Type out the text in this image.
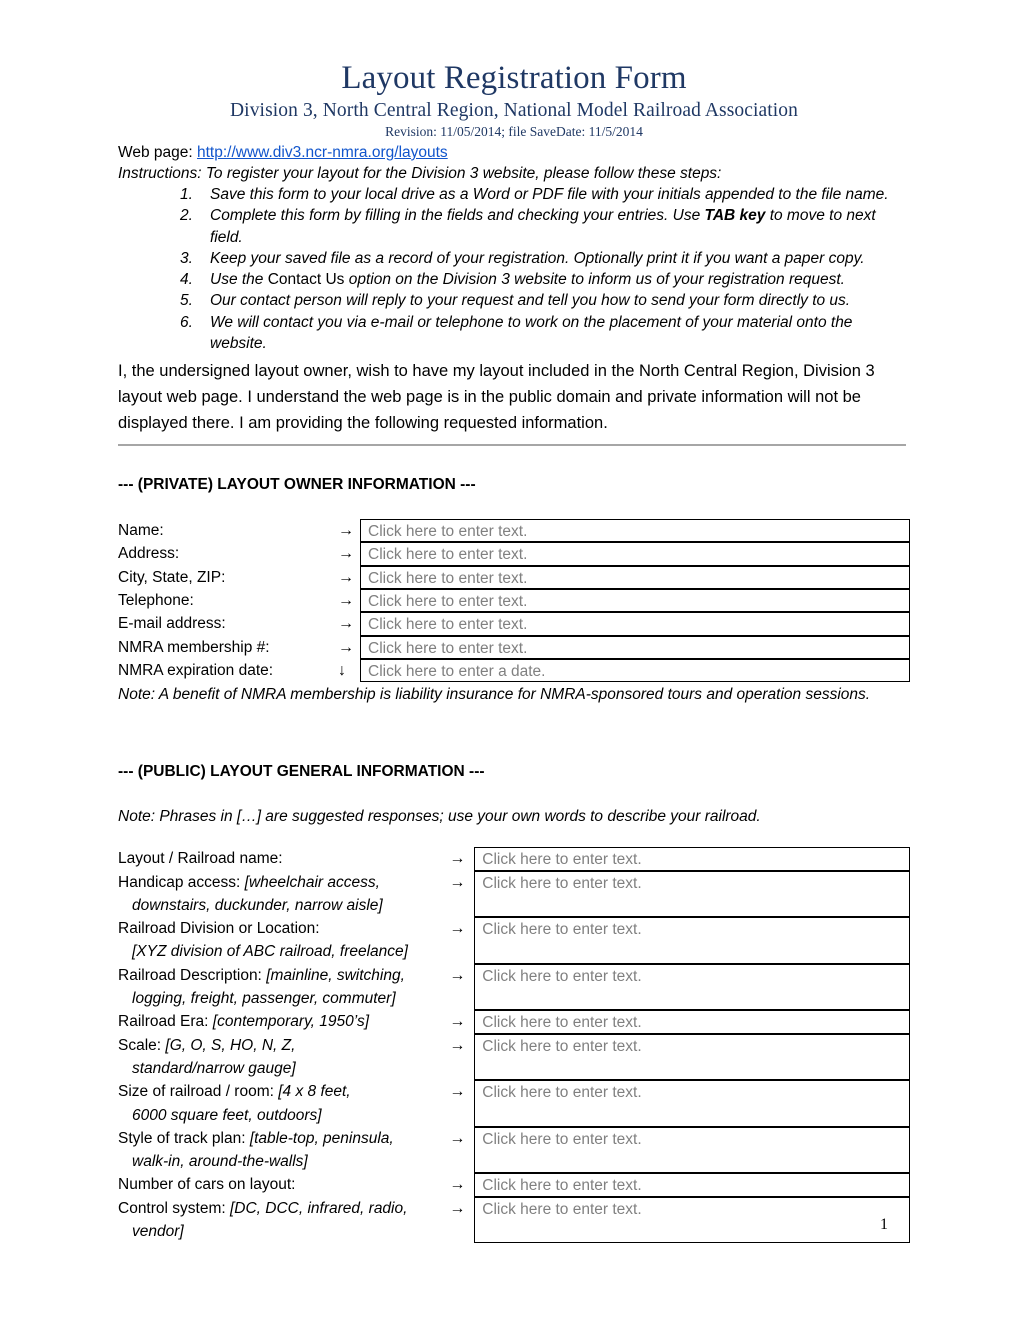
Layout Registration Form
Division 3, North Central Region, National Model Railroad Association
Revision: 11/05/2014; file SaveDate: 11/5/2014
Web page: http://www.div3.ncr-nmra.org/layouts
Instructions: To register your layout for the Division 3 website, please follow these steps:
Save this form to your local drive as a Word or PDF file with your initials appended to the file name.
Complete this form by filling in the fields and checking your entries. Use TAB key to move to next field.
Keep your saved file as a record of your registration. Optionally print it if you want a paper copy.
Use the Contact Us option on the Division 3 website to inform us of your registration request.
Our contact person will reply to your request and tell you how to send your form directly to us.
We will contact you via e-mail or telephone to work on the placement of your material onto the website.
I, the undersigned layout owner, wish to have my layout included in the North Central Region, Division 3 layout web page. I understand the web page is in the public domain and private information will not be displayed there. I am providing the following requested information.
--- (PRIVATE) LAYOUT OWNER INFORMATION ---
Name:	→	Click here to enter text.

Address:	→	Click here to enter text.

City, State, ZIP:	→	Click here to enter text.

Telephone:	→	Click here to enter text.

E-mail address:	→	Click here to enter text.

NMRA membership #:	→	Click here to enter text.

NMRA expiration date:	↓	Click here to enter a date.
Note: A benefit of NMRA membership is liability insurance for NMRA-sponsored tours and operation sessions.
--- (PUBLIC) LAYOUT GENERAL INFORMATION ---
Note: Phrases in […] are suggested responses; use your own words to describe your railroad.
Layout / Railroad name:	→	Click here to enter text.

Handicap access: [wheelchair access,
downstairs, duckunder, narrow aisle]	→	Click here to enter text.

Railroad Division or Location:
[XYZ division of ABC railroad, freelance]	→	Click here to enter text.

Railroad Description: [mainline, switching,
logging, freight, passenger, commuter]	→	Click here to enter text.

Railroad Era: [contemporary, 1950’s]	→	Click here to enter text.

Scale: [G, O, S, HO, N, Z,
standard/narrow gauge]	→	Click here to enter text.

Size of railroad / room: [4 x 8 feet,
6000 square feet, outdoors]	→	Click here to enter text.

Style of track plan: [table-top, peninsula,
walk-in, around-the-walls]	→	Click here to enter text.

Number of cars on layout:	→	Click here to enter text.

Control system: [DC, DCC, infrared, radio,
vendor]	→	Click here to enter text.
1
